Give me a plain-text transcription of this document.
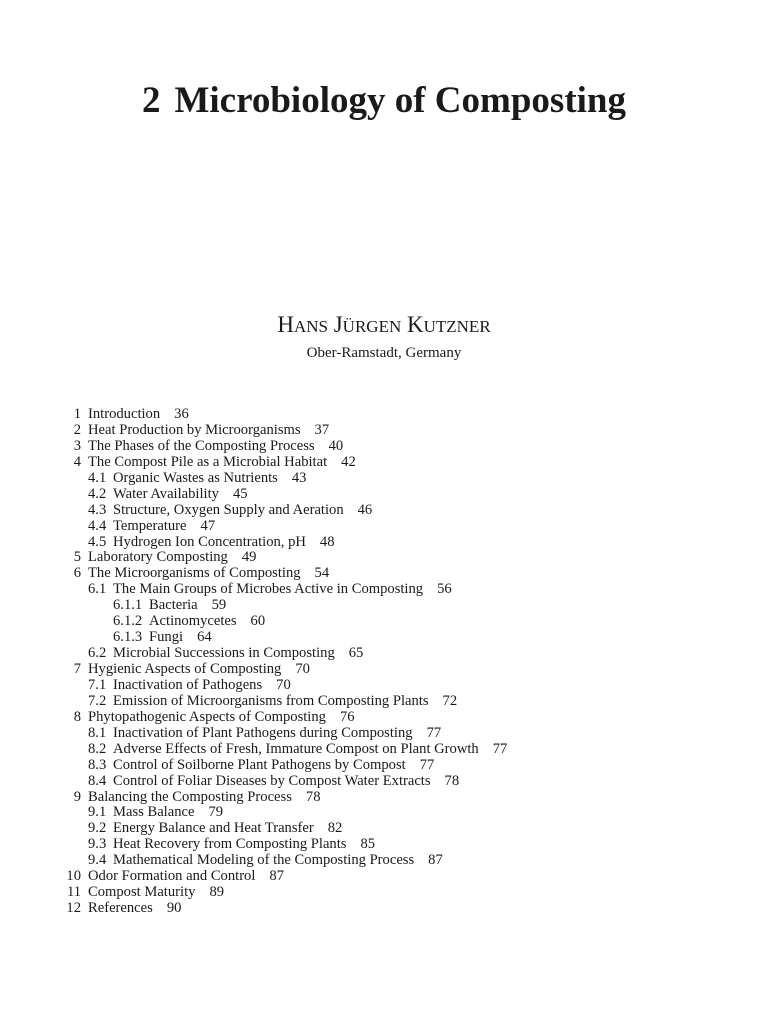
2 Microbiology of Composting
HANS JÜRGEN KUTZNER
Ober-Ramstadt, Germany
1 Introduction 36
2 Heat Production by Microorganisms 37
3 The Phases of the Composting Process 40
4 The Compost Pile as a Microbial Habitat 42
4.1 Organic Wastes as Nutrients 43
4.2 Water Availability 45
4.3 Structure, Oxygen Supply and Aeration 46
4.4 Temperature 47
4.5 Hydrogen Ion Concentration, pH 48
5 Laboratory Composting 49
6 The Microorganisms of Composting 54
6.1 The Main Groups of Microbes Active in Composting 56
6.1.1 Bacteria 59
6.1.2 Actinomycetes 60
6.1.3 Fungi 64
6.2 Microbial Successions in Composting 65
7 Hygienic Aspects of Composting 70
7.1 Inactivation of Pathogens 70
7.2 Emission of Microorganisms from Composting Plants 72
8 Phytopathogenic Aspects of Composting 76
8.1 Inactivation of Plant Pathogens during Composting 77
8.2 Adverse Effects of Fresh, Immature Compost on Plant Growth 77
8.3 Control of Soilborne Plant Pathogens by Compost 77
8.4 Control of Foliar Diseases by Compost Water Extracts 78
9 Balancing the Composting Process 78
9.1 Mass Balance 79
9.2 Energy Balance and Heat Transfer 82
9.3 Heat Recovery from Composting Plants 85
9.4 Mathematical Modeling of the Composting Process 87
10 Odor Formation and Control 87
11 Compost Maturity 89
12 References 90
